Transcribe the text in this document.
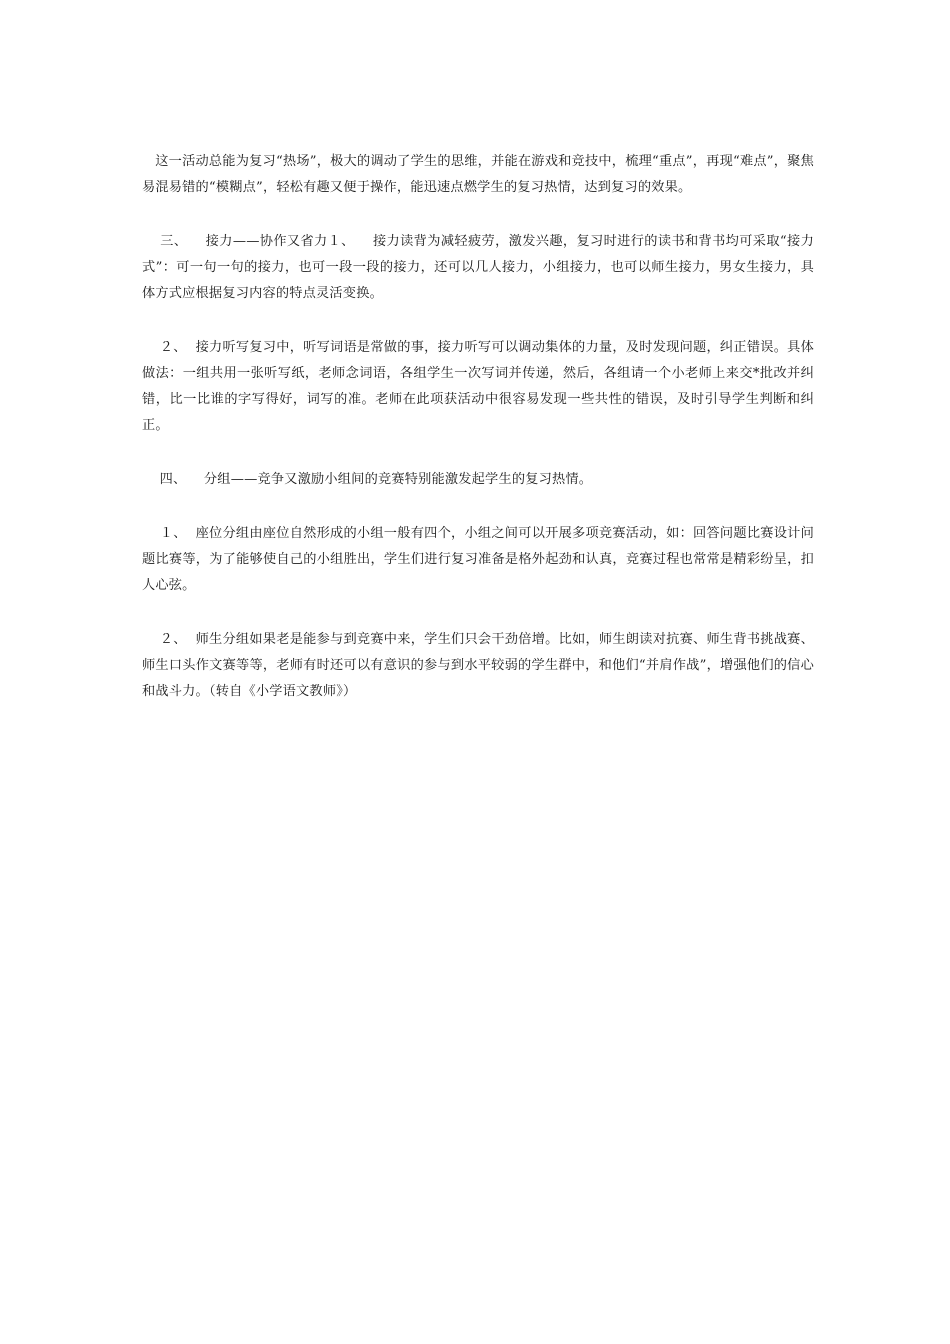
这一活动总能为复习“热场”，极大的调动了学生的思维，并能在游戏和竞技中，梳理“重点”，再现“难点”，聚焦易混易错的“模糊点”，轻松有趣又便于操作，能迅速点燃学生的复习热情，达到复习的效果。

三、    接力——协作又省力１、    接力读背为减轻疲劳，激发兴趣，复习时进行的读书和背书均可采取“接力式”：可一句一句的接力，也可一段一段的接力，还可以几人接力，小组接力，也可以师生接力，男女生接力，具体方式应根据复习内容的特点灵活变换。

２、  接力听写复习中，听写词语是常做的事，接力听写可以调动集体的力量，及时发现问题，纠正错误。具体做法：一组共用一张听写纸，老师念词语，各组学生一次写词并传递，然后，各组请一个小老师上来交*批改并纠错，比一比谁的字写得好，词写的准。老师在此项获活动中很容易发现一些共性的错误，及时引导学生判断和纠正。

四、    分组——竞争又激励小组间的竞赛特别能激发起学生的复习热情。

１、  座位分组由座位自然形成的小组一般有四个，小组之间可以开展多项竞赛活动，如：回答问题比赛设计问题比赛等，为了能够使自己的小组胜出，学生们进行复习准备是格外起劲和认真，竞赛过程也常常是精彩纷呈，扣人心弦。

２、  师生分组如果老是能参与到竞赛中来，学生们只会干劲倍增。比如，师生朗读对抗赛、师生背书挑战赛、师生口头作文赛等等，老师有时还可以有意识的参与到水平较弱的学生群中，和他们“并肩作战”，增强他们的信心和战斗力。（转自《小学语文教师》）
